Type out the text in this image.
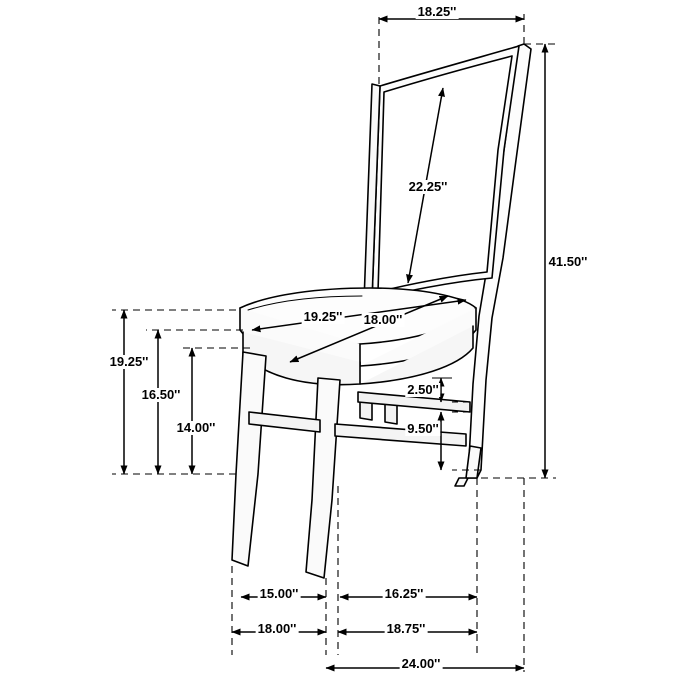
18.25''
22.25''
41.50''
19.25'' 18.00''
19.25''
16.50''
14.00''
2.50''
9.50''
15.00''	16.25''
18.00''	18.75''
24.00''
